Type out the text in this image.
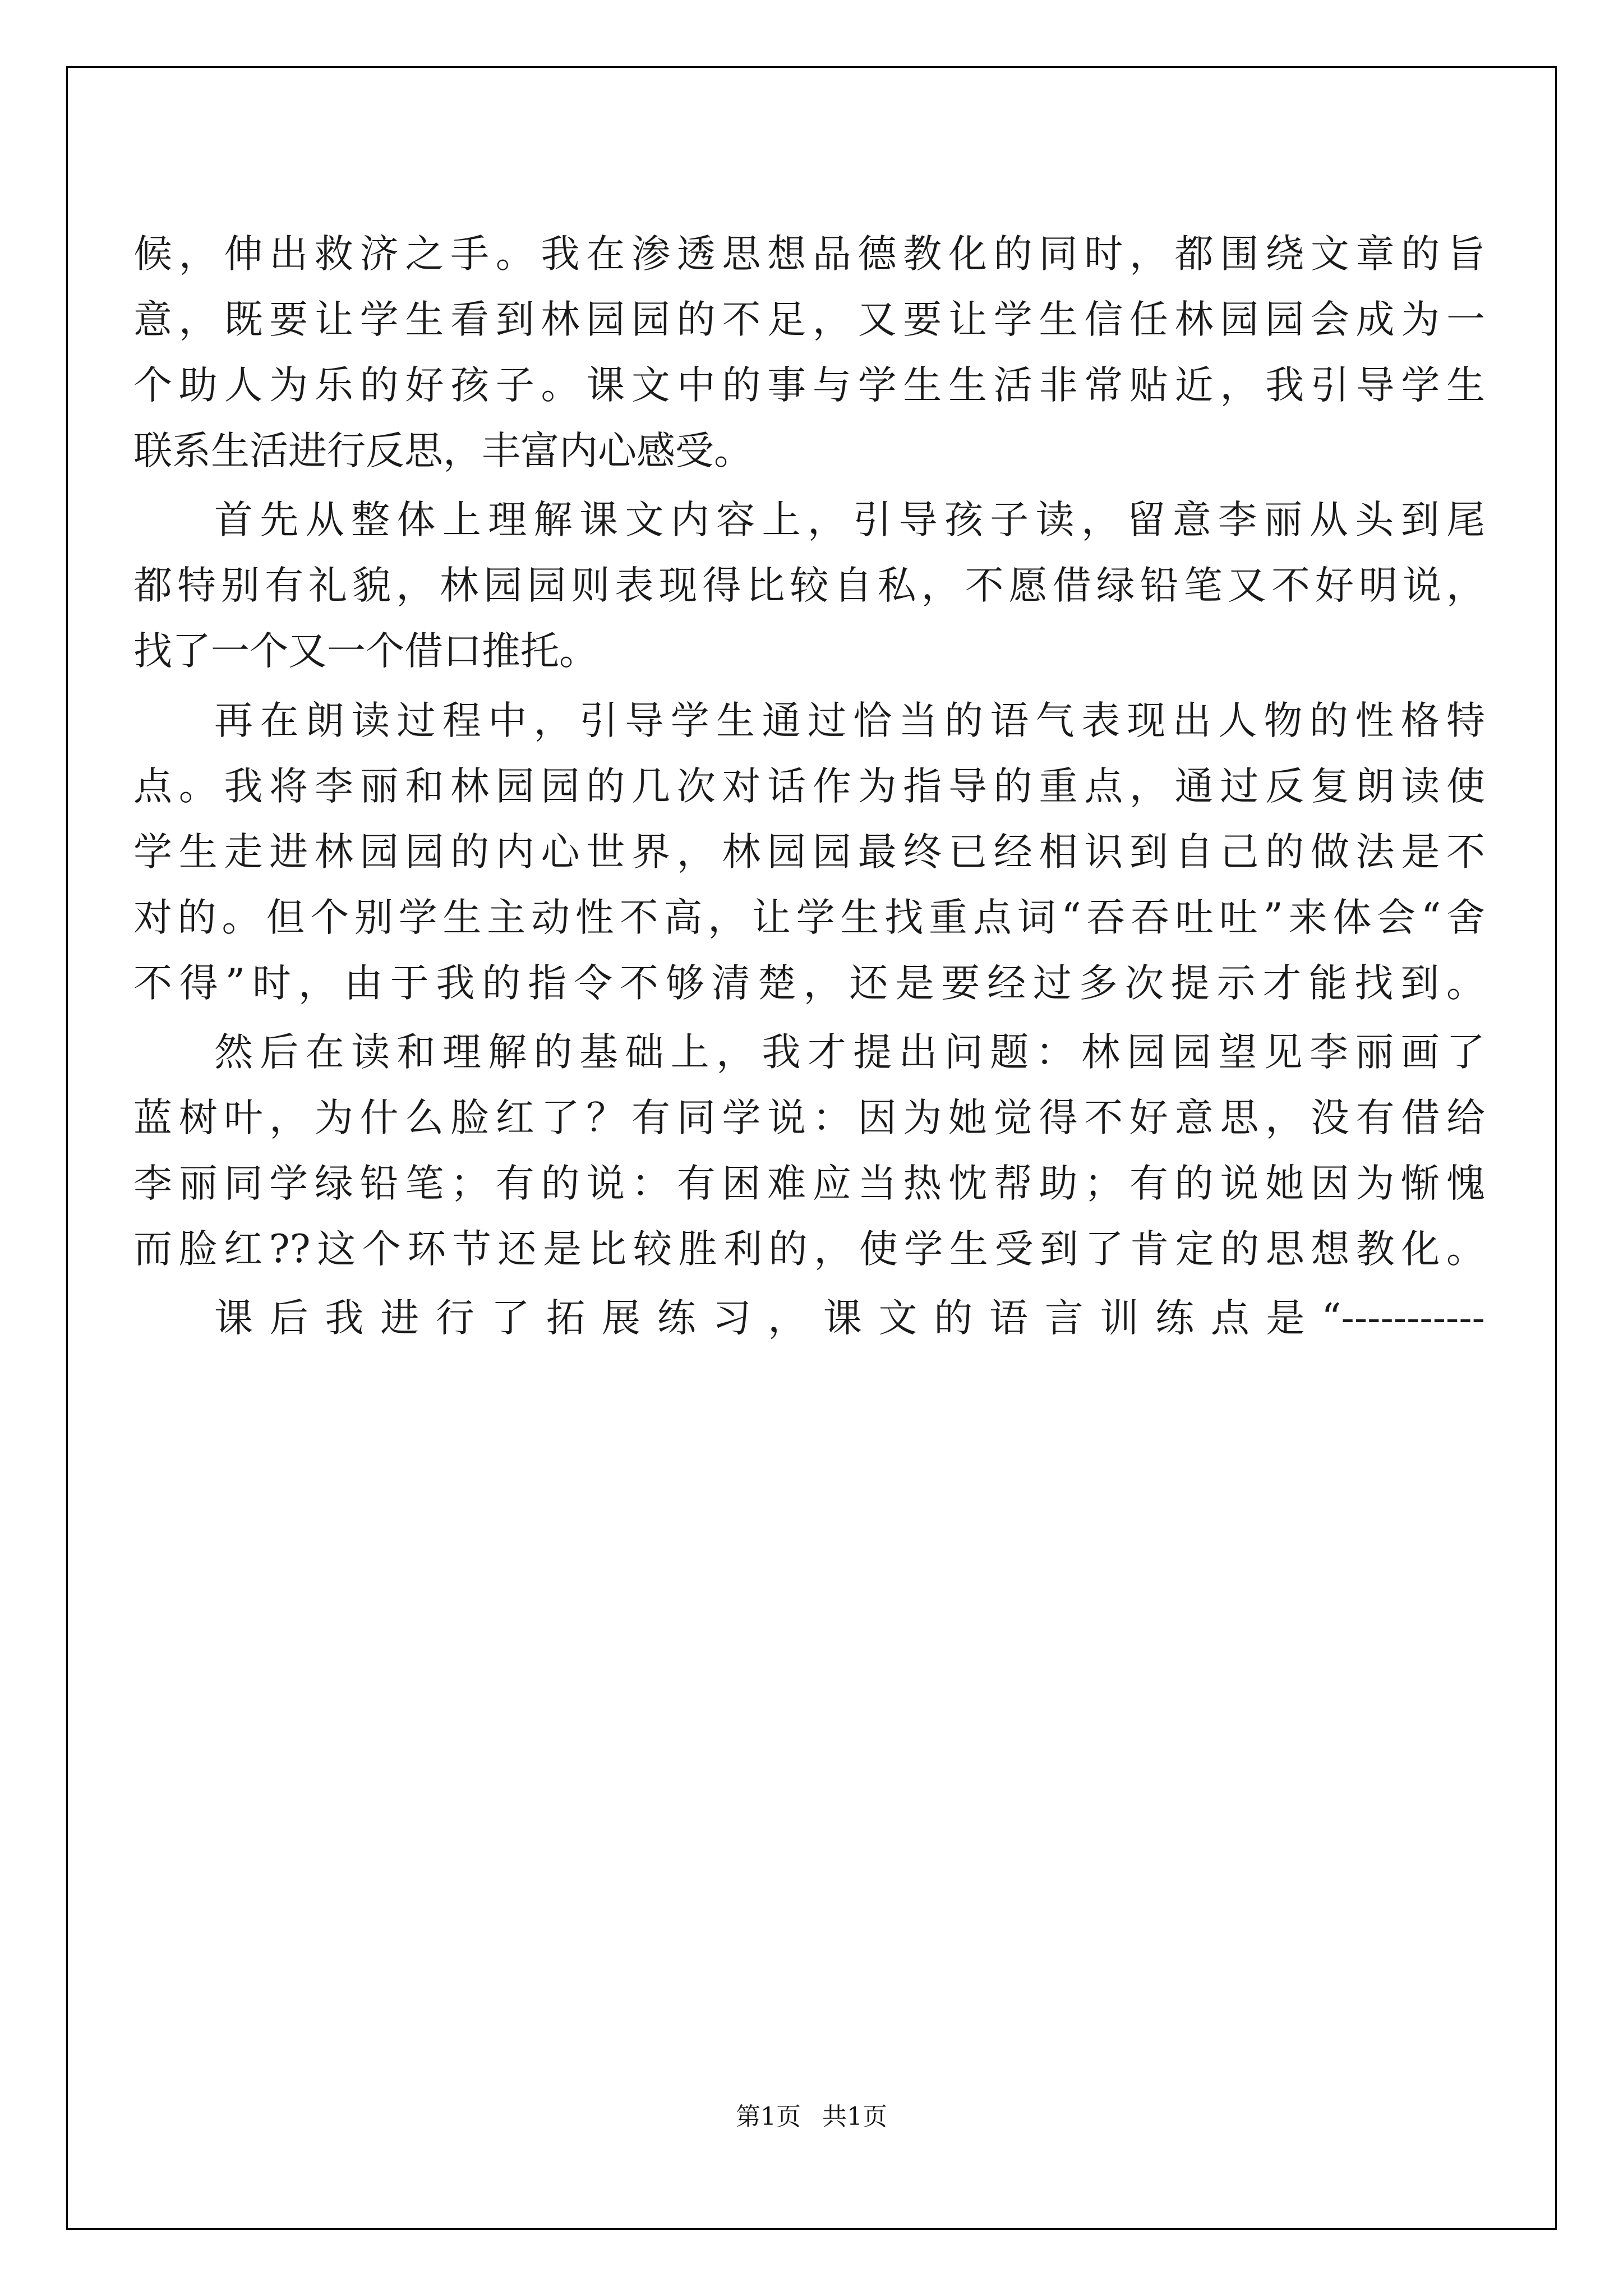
候，伸出救济之手。我在渗透思想品德教化的同时，都围绕文章的旨
意，既要让学生看到林园园的不足，又要让学生信任林园园会成为一
个助人为乐的好孩子。课文中的事与学生生活非常贴近，我引导学生
联系生活进行反思，丰富内心感受。
首先从整体上理解课文内容上，引导孩子读，留意李丽从头到尾
都特别有礼貌，林园园则表现得比较自私，不愿借绿铅笔又不好明说，
找了一个又一个借口推托。
再在朗读过程中，引导学生通过恰当的语气表现出人物的性格特
点。我将李丽和林园园的几次对话作为指导的重点，通过反复朗读使
学生走进林园园的内心世界，林园园最终已经相识到自己的做法是不
对的。但个别学生主动性不高，让学生找重点词“吞吞吐吐”来体会“舍
不得”时，由于我的指令不够清楚，还是要经过多次提示才能找到。
然后在读和理解的基础上，我才提出问题：林园园望见李丽画了
蓝树叶，为什么脸红了？有同学说：因为她觉得不好意思，没有借给
李丽同学绿铅笔；有的说：有困难应当热忱帮助；有的说她因为惭愧
而脸红??这个环节还是比较胜利的，使学生受到了肯定的思想教化。
课后我进行了拓展练习，课文的语言训练点是“-----------
第1页 共1页
